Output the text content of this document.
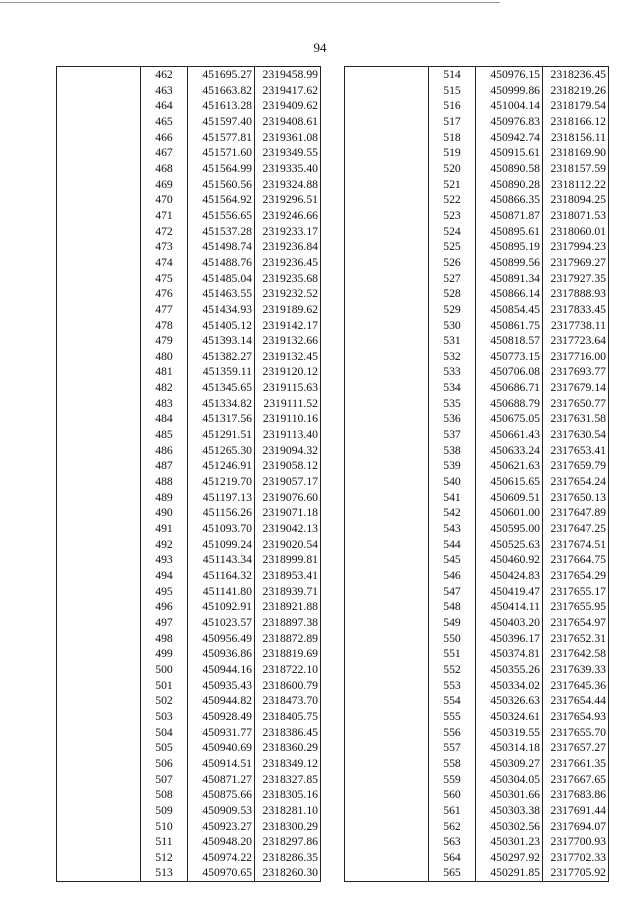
94
	462	451695.27	2319458.99
	463	451663.82	2319417.62
	464	451613.28	2319409.62
	465	451597.40	2319408.61
	466	451577.81	2319361.08
	467	451571.60	2319349.55
	468	451564.99	2319335.40
	469	451560.56	2319324.88
	470	451564.92	2319296.51
	471	451556.65	2319246.66
	472	451537.28	2319233.17
	473	451498.74	2319236.84
	474	451488.76	2319236.45
	475	451485.04	2319235.68
	476	451463.55	2319232.52
	477	451434.93	2319189.62
	478	451405.12	2319142.17
	479	451393.14	2319132.66
	480	451382.27	2319132.45
	481	451359.11	2319120.12
	482	451345.65	2319115.63
	483	451334.82	2319111.52
	484	451317.56	2319110.16
	485	451291.51	2319113.40
	486	451265.30	2319094.32
	487	451246.91	2319058.12
	488	451219.70	2319057.17
	489	451197.13	2319076.60
	490	451156.26	2319071.18
	491	451093.70	2319042.13
	492	451099.24	2319020.54
	493	451143.34	2318999.81
	494	451164.32	2318953.41
	495	451141.80	2318939.71
	496	451092.91	2318921.88
	497	451023.57	2318897.38
	498	450956.49	2318872.89
	499	450936.86	2318819.69
	500	450944.16	2318722.10
	501	450935.43	2318600.79
	502	450944.82	2318473.70
	503	450928.49	2318405.75
	504	450931.77	2318386.45
	505	450940.69	2318360.29
	506	450914.51	2318349.12
	507	450871.27	2318327.85
	508	450875.66	2318305.16
	509	450909.53	2318281.10
	510	450923.27	2318300.29
	511	450948.20	2318297.86
	512	450974.22	2318286.35
	513	450970.65	2318260.30
	514	450976.15	2318236.45
	515	450999.86	2318219.26
	516	451004.14	2318179.54
	517	450976.83	2318166.12
	518	450942.74	2318156.11
	519	450915.61	2318169.90
	520	450890.58	2318157.59
	521	450890.28	2318112.22
	522	450866.35	2318094.25
	523	450871.87	2318071.53
	524	450895.61	2318060.01
	525	450895.19	2317994.23
	526	450899.56	2317969.27
	527	450891.34	2317927.35
	528	450866.14	2317888.93
	529	450854.45	2317833.45
	530	450861.75	2317738.11
	531	450818.57	2317723.64
	532	450773.15	2317716.00
	533	450706.08	2317693.77
	534	450686.71	2317679.14
	535	450688.79	2317650.77
	536	450675.05	2317631.58
	537	450661.43	2317630.54
	538	450633.24	2317653.41
	539	450621.63	2317659.79
	540	450615.65	2317654.24
	541	450609.51	2317650.13
	542	450601.00	2317647.89
	543	450595.00	2317647.25
	544	450525.63	2317674.51
	545	450460.92	2317664.75
	546	450424.83	2317654.29
	547	450419.47	2317655.17
	548	450414.11	2317655.95
	549	450403.20	2317654.97
	550	450396.17	2317652.31
	551	450374.81	2317642.58
	552	450355.26	2317639.33
	553	450334.02	2317645.36
	554	450326.63	2317654.44
	555	450324.61	2317654.93
	556	450319.55	2317655.70
	557	450314.18	2317657.27
	558	450309.27	2317661.35
	559	450304.05	2317667.65
	560	450301.66	2317683.86
	561	450303.38	2317691.44
	562	450302.56	2317694.07
	563	450301.23	2317700.93
	564	450297.92	2317702.33
	565	450291.85	2317705.92
